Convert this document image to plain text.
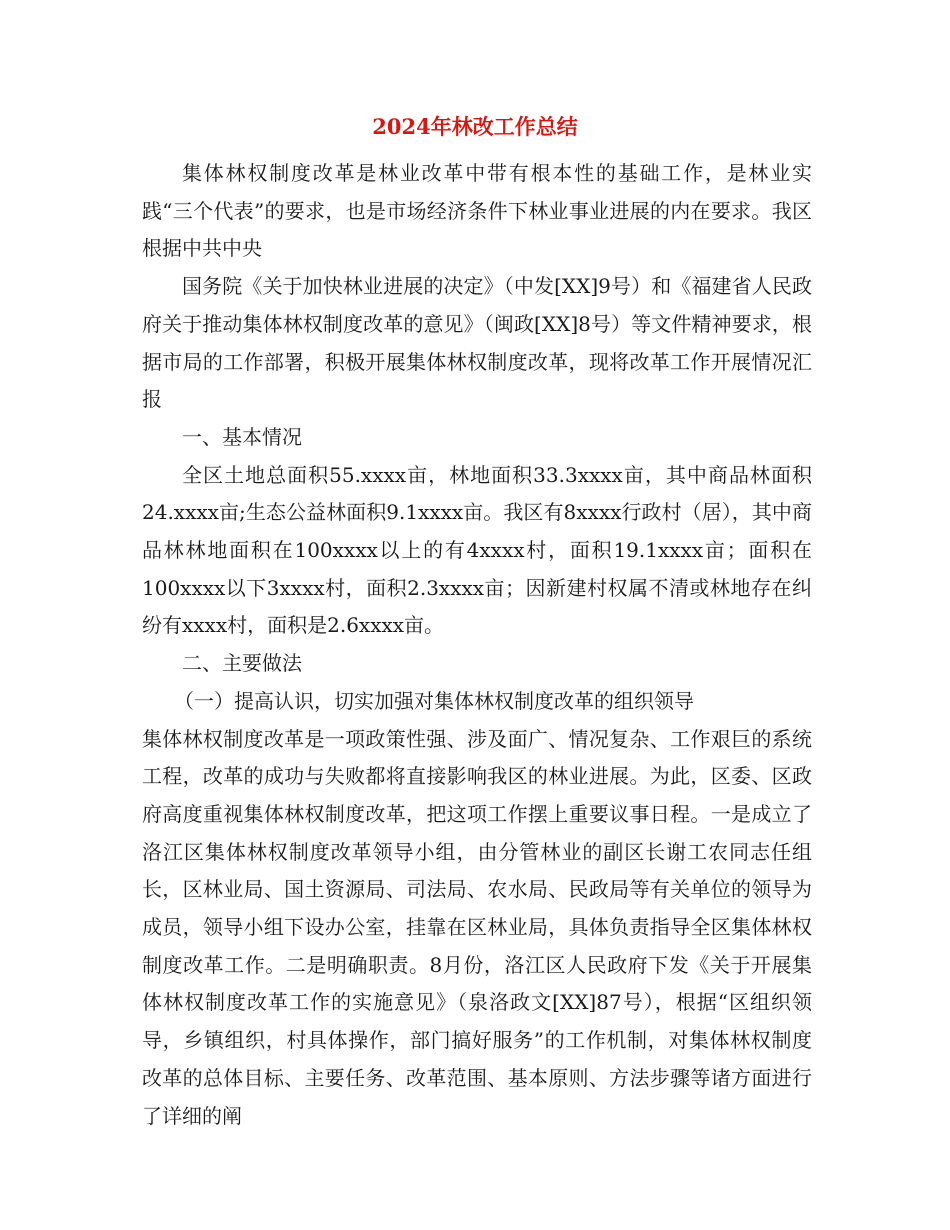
2024年林改工作总结

集体林权制度改革是林业改革中带有根本性的基础工作，是林业实践“三个代表”的要求，也是市场经济条件下林业事业进展的内在要求。我区根据中共中央

国务院《关于加快林业进展的决定》（中发[XX]9号）和《福建省人民政府关于推动集体林权制度改革的意见》（闽政[XX]8号）等文件精神要求，根据市局的工作部署，积极开展集体林权制度改革，现将改革工作开展情况汇报

一、基本情况

全区土地总面积55.xxxx亩，林地面积33.3xxxx亩，其中商品林面积24.xxxx亩;生态公益林面积9.1xxxx亩。我区有8xxxx行政村（居），其中商品林林地面积在100xxxx以上的有4xxxx村，面积19.1xxxx亩；面积在100xxxx以下3xxxx村，面积2.3xxxx亩；因新建村权属不清或林地存在纠纷有xxxx村，面积是2.6xxxx亩。

二、主要做法

（一）提高认识，切实加强对集体林权制度改革的组织领导

集体林权制度改革是一项政策性强、涉及面广、情况复杂、工作艰巨的系统工程，改革的成功与失败都将直接影响我区的林业进展。为此，区委、区政府高度重视集体林权制度改革，把这项工作摆上重要议事日程。一是成立了洛江区集体林权制度改革领导小组，由分管林业的副区长谢工农同志任组长，区林业局、国土资源局、司法局、农水局、民政局等有关单位的领导为成员，领导小组下设办公室，挂靠在区林业局，具体负责指导全区集体林权制度改革工作。二是明确职责。8月份，洛江区人民政府下发《关于开展集体林权制度改革工作的实施意见》（泉洛政文[XX]87号），根据“区组织领导，乡镇组织，村具体操作，部门搞好服务”的工作机制，对集体林权制度改革的总体目标、主要任务、改革范围、基本原则、方法步骤等诸方面进行了详细的阐
